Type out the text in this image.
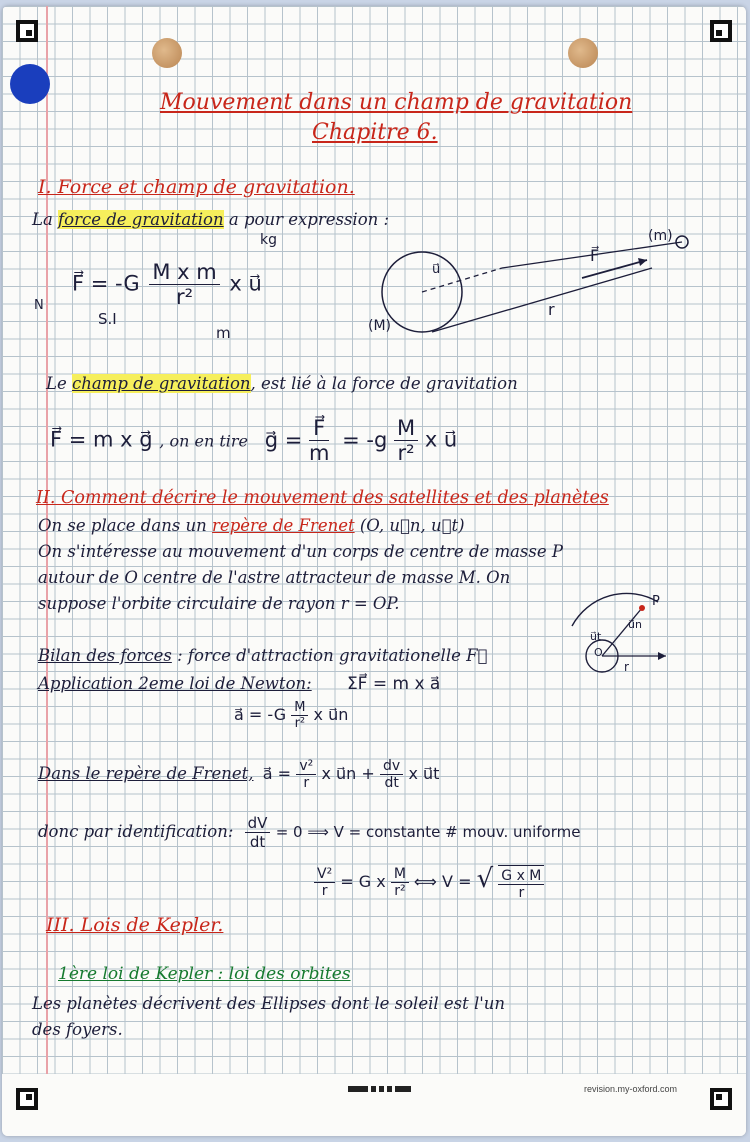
Mouvement dans un champ de gravitation
Chapitre 6.
I. Force et champ de gravitation.
La force de gravitation a pour expression :
F⃗ = $-G \frac{\text{M x m}}{\text{r²}}$ x u⃗
kg
S.I
m
N
(M)
(m)
u⃗
F⃗
r
Le champ de gravitation, est lié à la force de gravitation
F⃗ = m x g⃗ , on en tire g⃗ = $\frac{F⃗}{m} = -g \frac{M}{\text{r²}}$ x u⃗
II. Comment décrire le mouvement des satellites et des planètes
On se place dans un repère de Frenet (O, u⃗n, u⃗t)
On s'intéresse au mouvement d'un corps de centre de masse P
autour de O centre de l'astre attracteur de masse M. On
suppose l'orbite circulaire de rayon r = OP.	P
u⃗n
u⃗t
r
O
Bilan des forces : force d'attraction gravitationelle F⃗
Application 2eme loi de Newton: ΣF⃗ = m x a⃗
a⃗ = $-G \frac{M}{\text{r²}}$ x u⃗n
Dans le repère de Frenet, a⃗ = $\frac{\text{v²}}{r}$ x u⃗n + $\frac{dv}{dt}$ x u⃗t
donc par identification: $\frac{dV}{dt} = 0$ ⟹ V = constante # mouv. uniforme
$\frac{\text{V²}}{r} = G$ x $\frac{M}{\text{r²}}$ ⟺ V = √ $\frac{\text{G x M}}{r}$
III. Lois de Kepler.
1ère loi de Kepler : loi des orbites
Les planètes décrivent des Ellipses dont le soleil est l'un
des foyers.
revision.my-oxford.com
